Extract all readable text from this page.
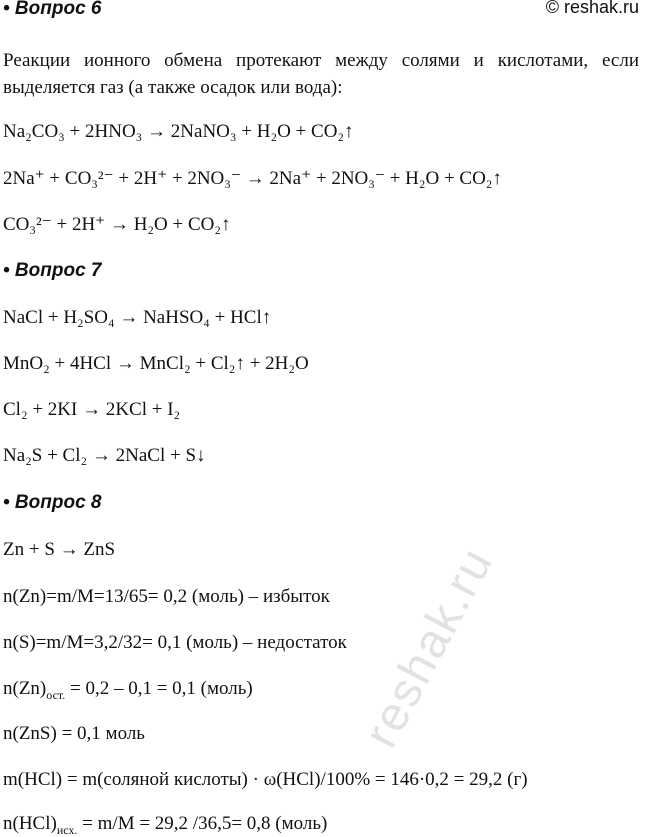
• Вопрос 6	© reshak.ru
Реакции ионного обмена протекают между солями и кислотами, если выделяется газ (а также осадок или вода):
Na₂CO₃ + 2HNO₃ → 2NaNO₃ + H₂O + CO₂↑
2Na⁺ + CO₃²⁻ + 2H⁺ + 2NO₃⁻ → 2Na⁺ + 2NO₃⁻ + H₂O + CO₂↑
CO₃²⁻ + 2H⁺ → H₂O + CO₂↑
• Вопрос 7
NaCl + H₂SO₄ → NaHSO₄ + HCl↑
MnO₂ + 4HCl → MnCl₂ + Cl₂↑ + 2H₂O
Cl₂ + 2KI → 2KCl + I₂
Na₂S + Cl₂ → 2NaCl + S↓
• Вопрос 8
Zn + S → ZnS
n(Zn)=m/M=13/65= 0,2 (моль) – избыток
n(S)=m/M=3,2/32= 0,1 (моль) – недостаток
$n(Zn)_{ост.} = 0,2 - 0,1 = 0,1$ (моль)
n(ZnS) = 0,1 моль
m(HCl) = m(соляной кислоты) · ω(HCl)/100% = 146·0,2 = 29,2 (г)
$n(HCl)_{исх.} = m/M = 29,2$ /36,5= 0,8 (моль)
reshak.ru
